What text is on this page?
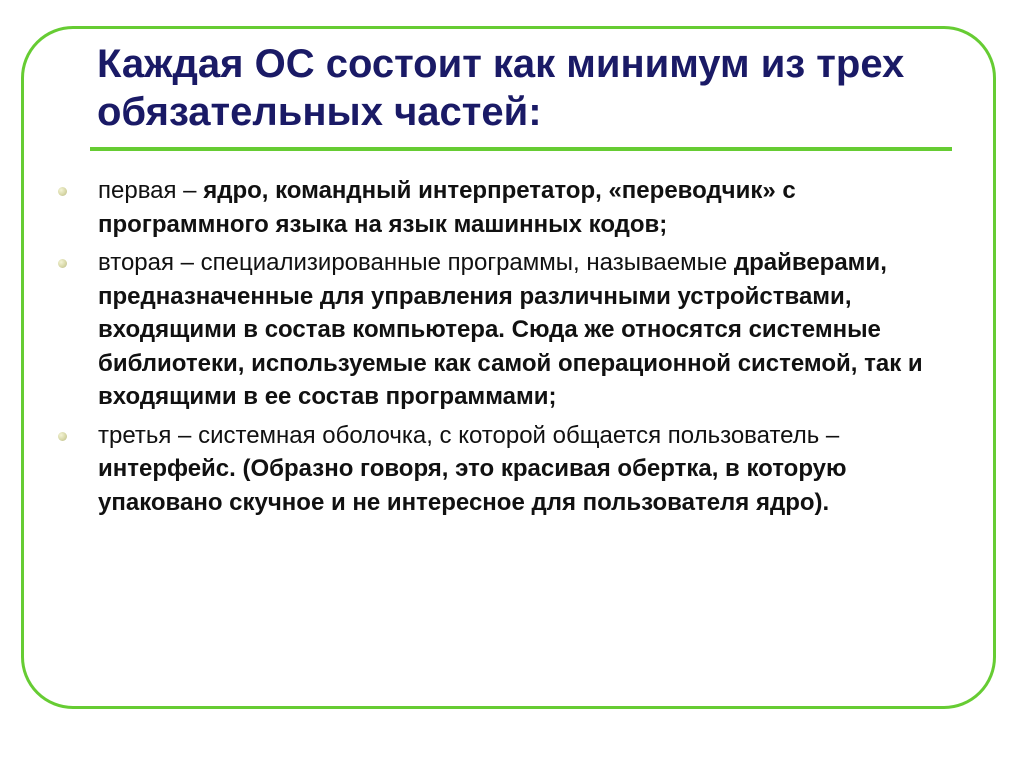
Каждая ОС состоит как минимум из трех обязательных частей:
первая – ядро, командный интерпретатор, «переводчик» с программного языка на язык машинных кодов;
вторая – специализированные программы, называемые драйверами, предназначенные для управления различными устройствами, входящими в состав компьютера. Сюда же относятся системные библиотеки, используемые как самой операционной системой, так и входящими в ее состав программами;
третья – системная оболочка, с которой общается пользователь – интерфейс. (Образно говоря, это красивая обертка, в которую упаковано скучное и не интересное для пользователя ядро).
